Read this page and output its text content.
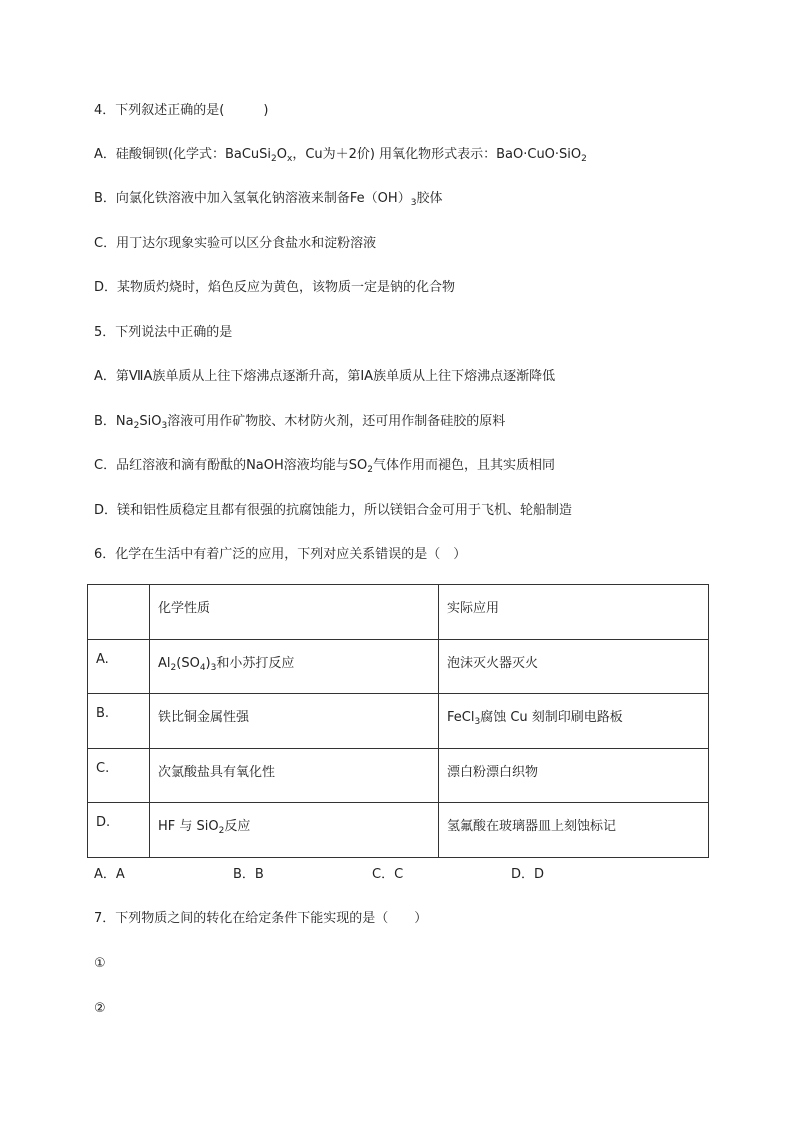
4．下列叙述正确的是(　　　)
A．硅酸铜钡(化学式：$BaCuSi_2O_x$，Cu为＋2价) 用氧化物形式表示：BaO·CuO·SiO$_2$
B．向氯化铁溶液中加入氢氧化钠溶液来制备$Fe(OH)_3$胶体
C．用丁达尔现象实验可以区分食盐水和淀粉溶液
D．某物质灼烧时，焰色反应为黄色，该物质一定是钠的化合物
5．下列说法中正确的是
A．第ⅦA族单质从上往下熔沸点逐渐升高，第ⅠA族单质从上往下熔沸点逐渐降低
B．$Na_2SiO_3$溶液可用作矿物胶、木材防火剂，还可用作制备硅胶的原料
C．品红溶液和滴有酚酞的NaOH溶液均能与$SO_2$气体作用而褪色，且其实质相同
D．镁和铝性质稳定且都有很强的抗腐蚀能力，所以镁铝合金可用于飞机、轮船制造
6．化学在生活中有着广泛的应用，下列对应关系错误的是（　）
	化学性质	实际应用
A.	$Al_2(SO_4)_3$和小苏打反应	泡沫灭火器灭火
B.	铁比铜金属性强	FeCl$_3$腐蚀 Cu 刻制印刷电路板
C.	次氯酸盐具有氧化性	漂白粉漂白织物
D.	HF 与 SiO$_2$反应	氢氟酸在玻璃器皿上刻蚀标记
A．A	B．B	C．C	D．D
7．下列物质之间的转化在给定条件下能实现的是（　　）
①
②
